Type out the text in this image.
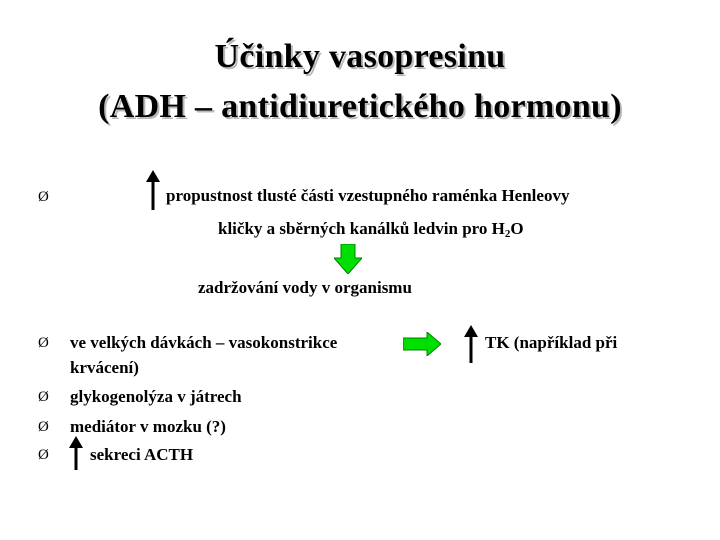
Účinky vasopresinu
(ADH – antidiuretického hormonu)
Ø	propustnost tlusté části vzestupného raménka Henleovy
kličky a sběrných kanálků ledvin pro $H_2O$
zadržování vody v organismu
Ø ve velkých dávkách – vasokonstrikce
krvácení)
TK (například při
Ø glykogenolýza v játrech
Ø mediátor v mozku (?)
Ø sekreci ACTH
